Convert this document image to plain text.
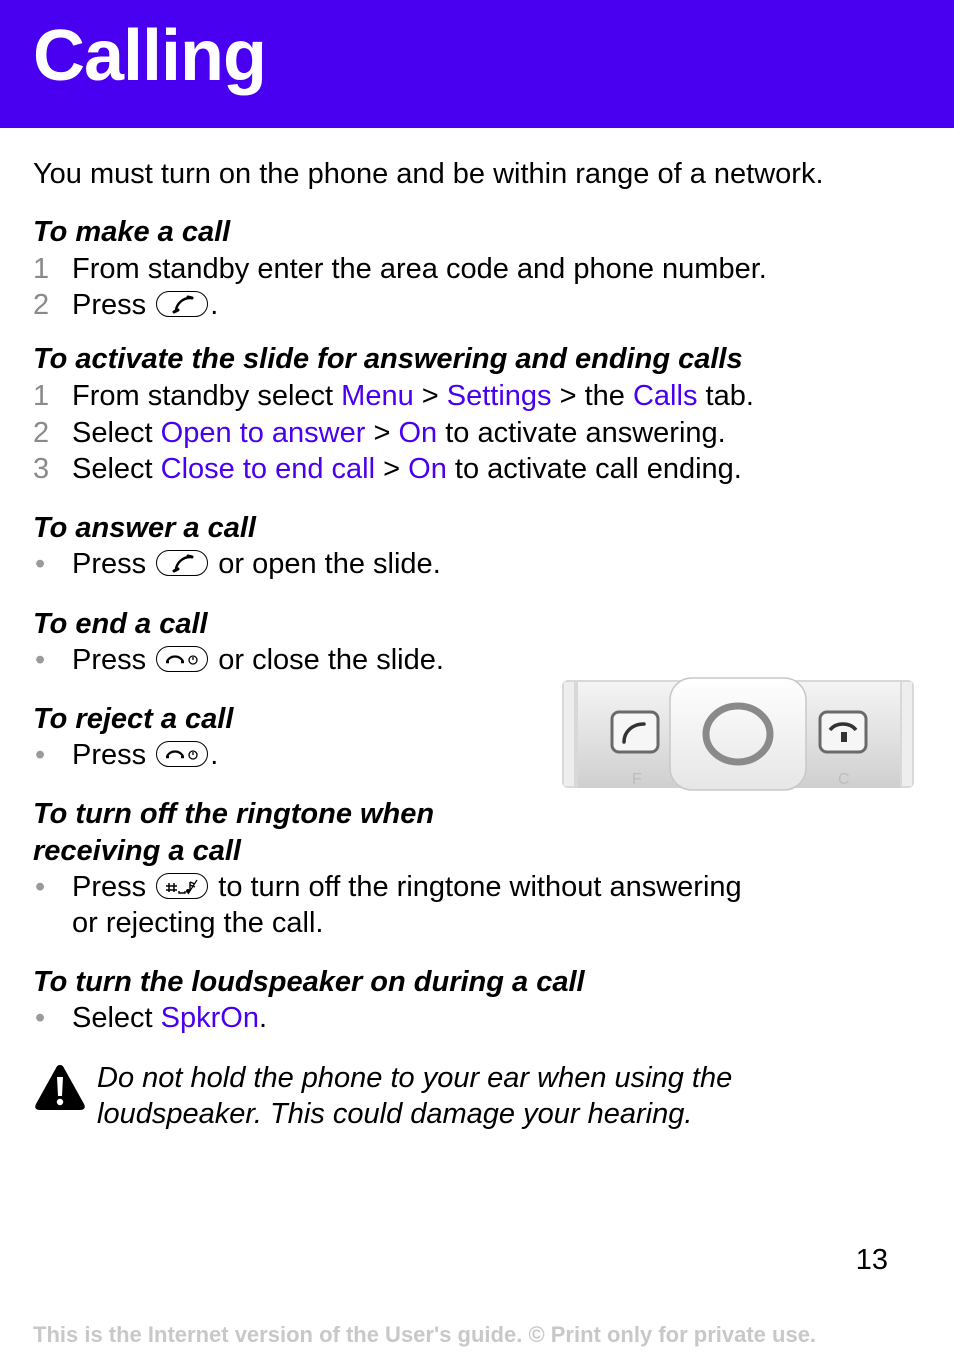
Calling

You must turn on the phone and be within range of a network.

To make a call
1 From standby enter the area code and phone number.
2 Press .
To activate the slide for answering and ending calls
1 From standby select Menu > Settings > the Calls tab.
2 Select Open to answer > On to activate answering.
3 Select Close to end call > On to activate call ending.
To answer a call
• Press
or open the slide.
To end a call
• Press
or close the slide.
To reject a call
• Press .
F	C
To turn off the ringtone when
receiving a call
• Press
to turn off the ringtone without answering
or rejecting the call.
To turn the loudspeaker on during a call
• Select SpkrOn.

Do not hold the phone to your ear when using the
loudspeaker. This could damage your hearing.

13
This is the Internet version of the User's guide. © Print only for private use.
